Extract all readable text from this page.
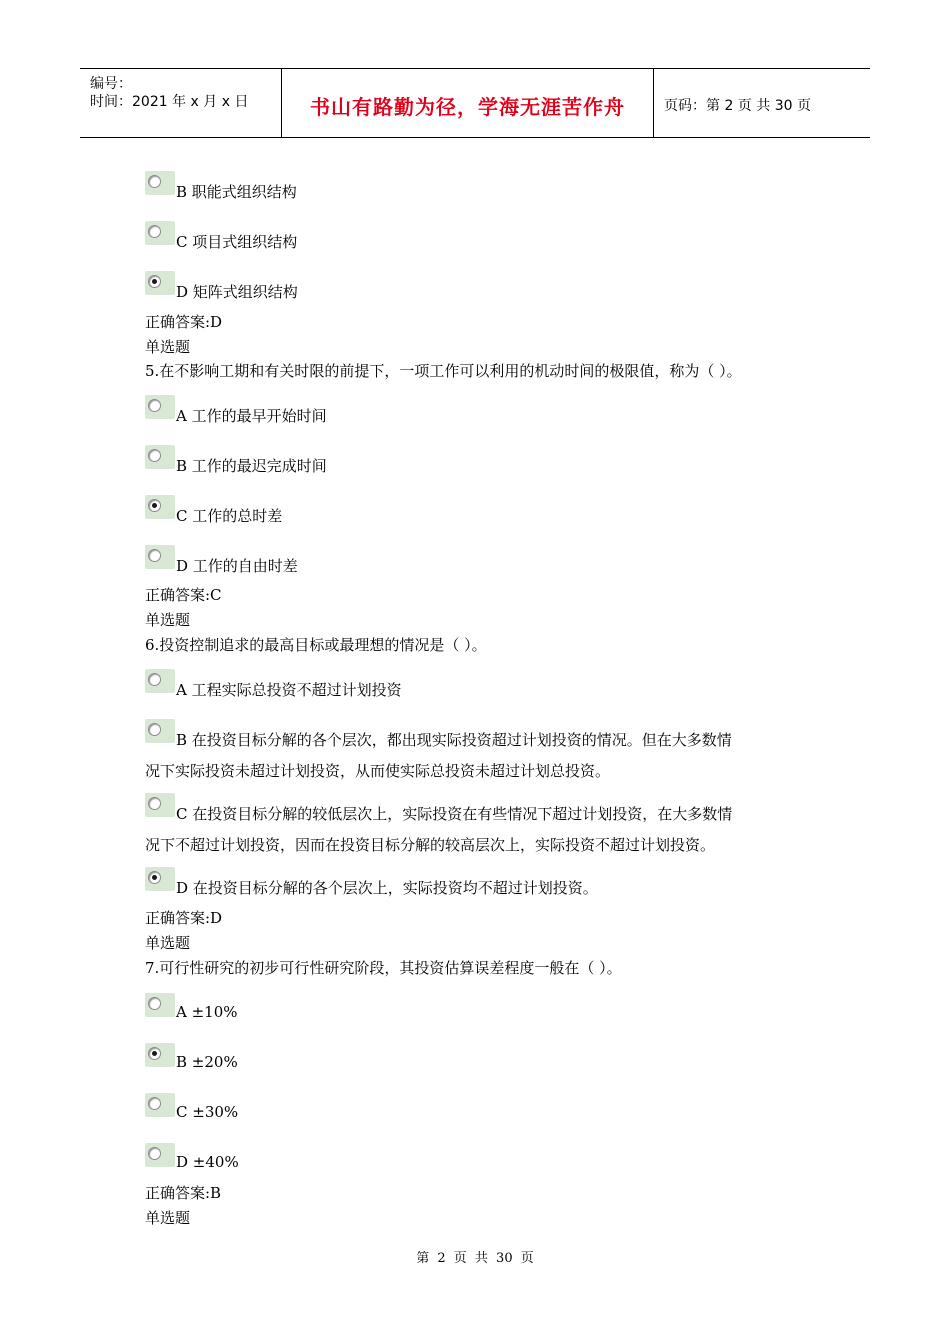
编号：
时间：2021 年 x 月 x 日	书山有路勤为径，学海无涯苦作舟	页码：第 2 页 共 30 页
B 职能式组织结构
C 项目式组织结构
D 矩阵式组织结构
正确答案:D
单选题
5.在不影响工期和有关时限的前提下，一项工作可以利用的机动时间的极限值，称为（ ）。
A 工作的最早开始时间
B 工作的最迟完成时间
C 工作的总时差
D 工作的自由时差
正确答案:C
单选题
6.投资控制追求的最高目标或最理想的情况是（ ）。
A 工程实际总投资不超过计划投资
B 在投资目标分解的各个层次，都出现实际投资超过计划投资的情况。但在大多数情
况下实际投资未超过计划投资，从而使实际总投资未超过计划总投资。
C 在投资目标分解的较低层次上，实际投资在有些情况下超过计划投资，在大多数情
况下不超过计划投资，因而在投资目标分解的较高层次上，实际投资不超过计划投资。
D 在投资目标分解的各个层次上，实际投资均不超过计划投资。
正确答案:D
单选题
7.可行性研究的初步可行性研究阶段，其投资估算误差程度一般在（ ）。
A ±10%
B ±20%
C ±30%
D ±40%
正确答案:B
单选题
第 2 页 共 30 页
